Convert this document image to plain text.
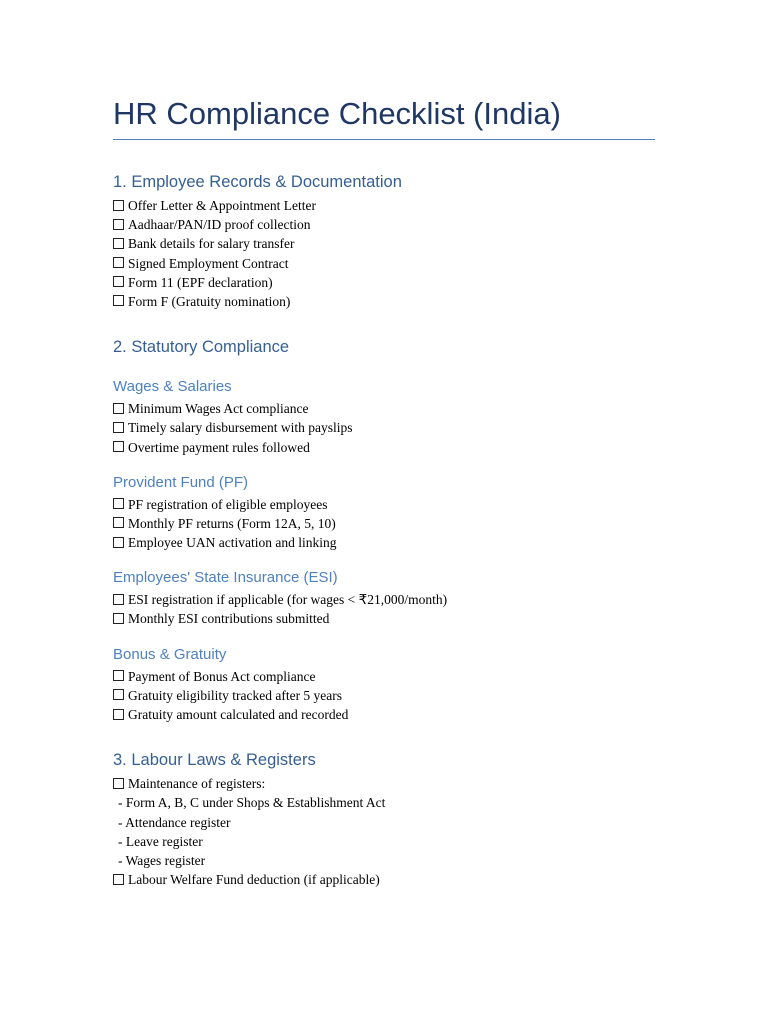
HR Compliance Checklist (India)
1. Employee Records & Documentation
Offer Letter & Appointment Letter
Aadhaar/PAN/ID proof collection
Bank details for salary transfer
Signed Employment Contract
Form 11 (EPF declaration)
Form F (Gratuity nomination)
2. Statutory Compliance
Wages & Salaries
Minimum Wages Act compliance
Timely salary disbursement with payslips
Overtime payment rules followed
Provident Fund (PF)
PF registration of eligible employees
Monthly PF returns (Form 12A, 5, 10)
Employee UAN activation and linking
Employees' State Insurance (ESI)
ESI registration if applicable (for wages < ₹21,000/month)
Monthly ESI contributions submitted
Bonus & Gratuity
Payment of Bonus Act compliance
Gratuity eligibility tracked after 5 years
Gratuity amount calculated and recorded
3. Labour Laws & Registers
Maintenance of registers:
- Form A, B, C under Shops & Establishment Act
- Attendance register
- Leave register
- Wages register
Labour Welfare Fund deduction (if applicable)
